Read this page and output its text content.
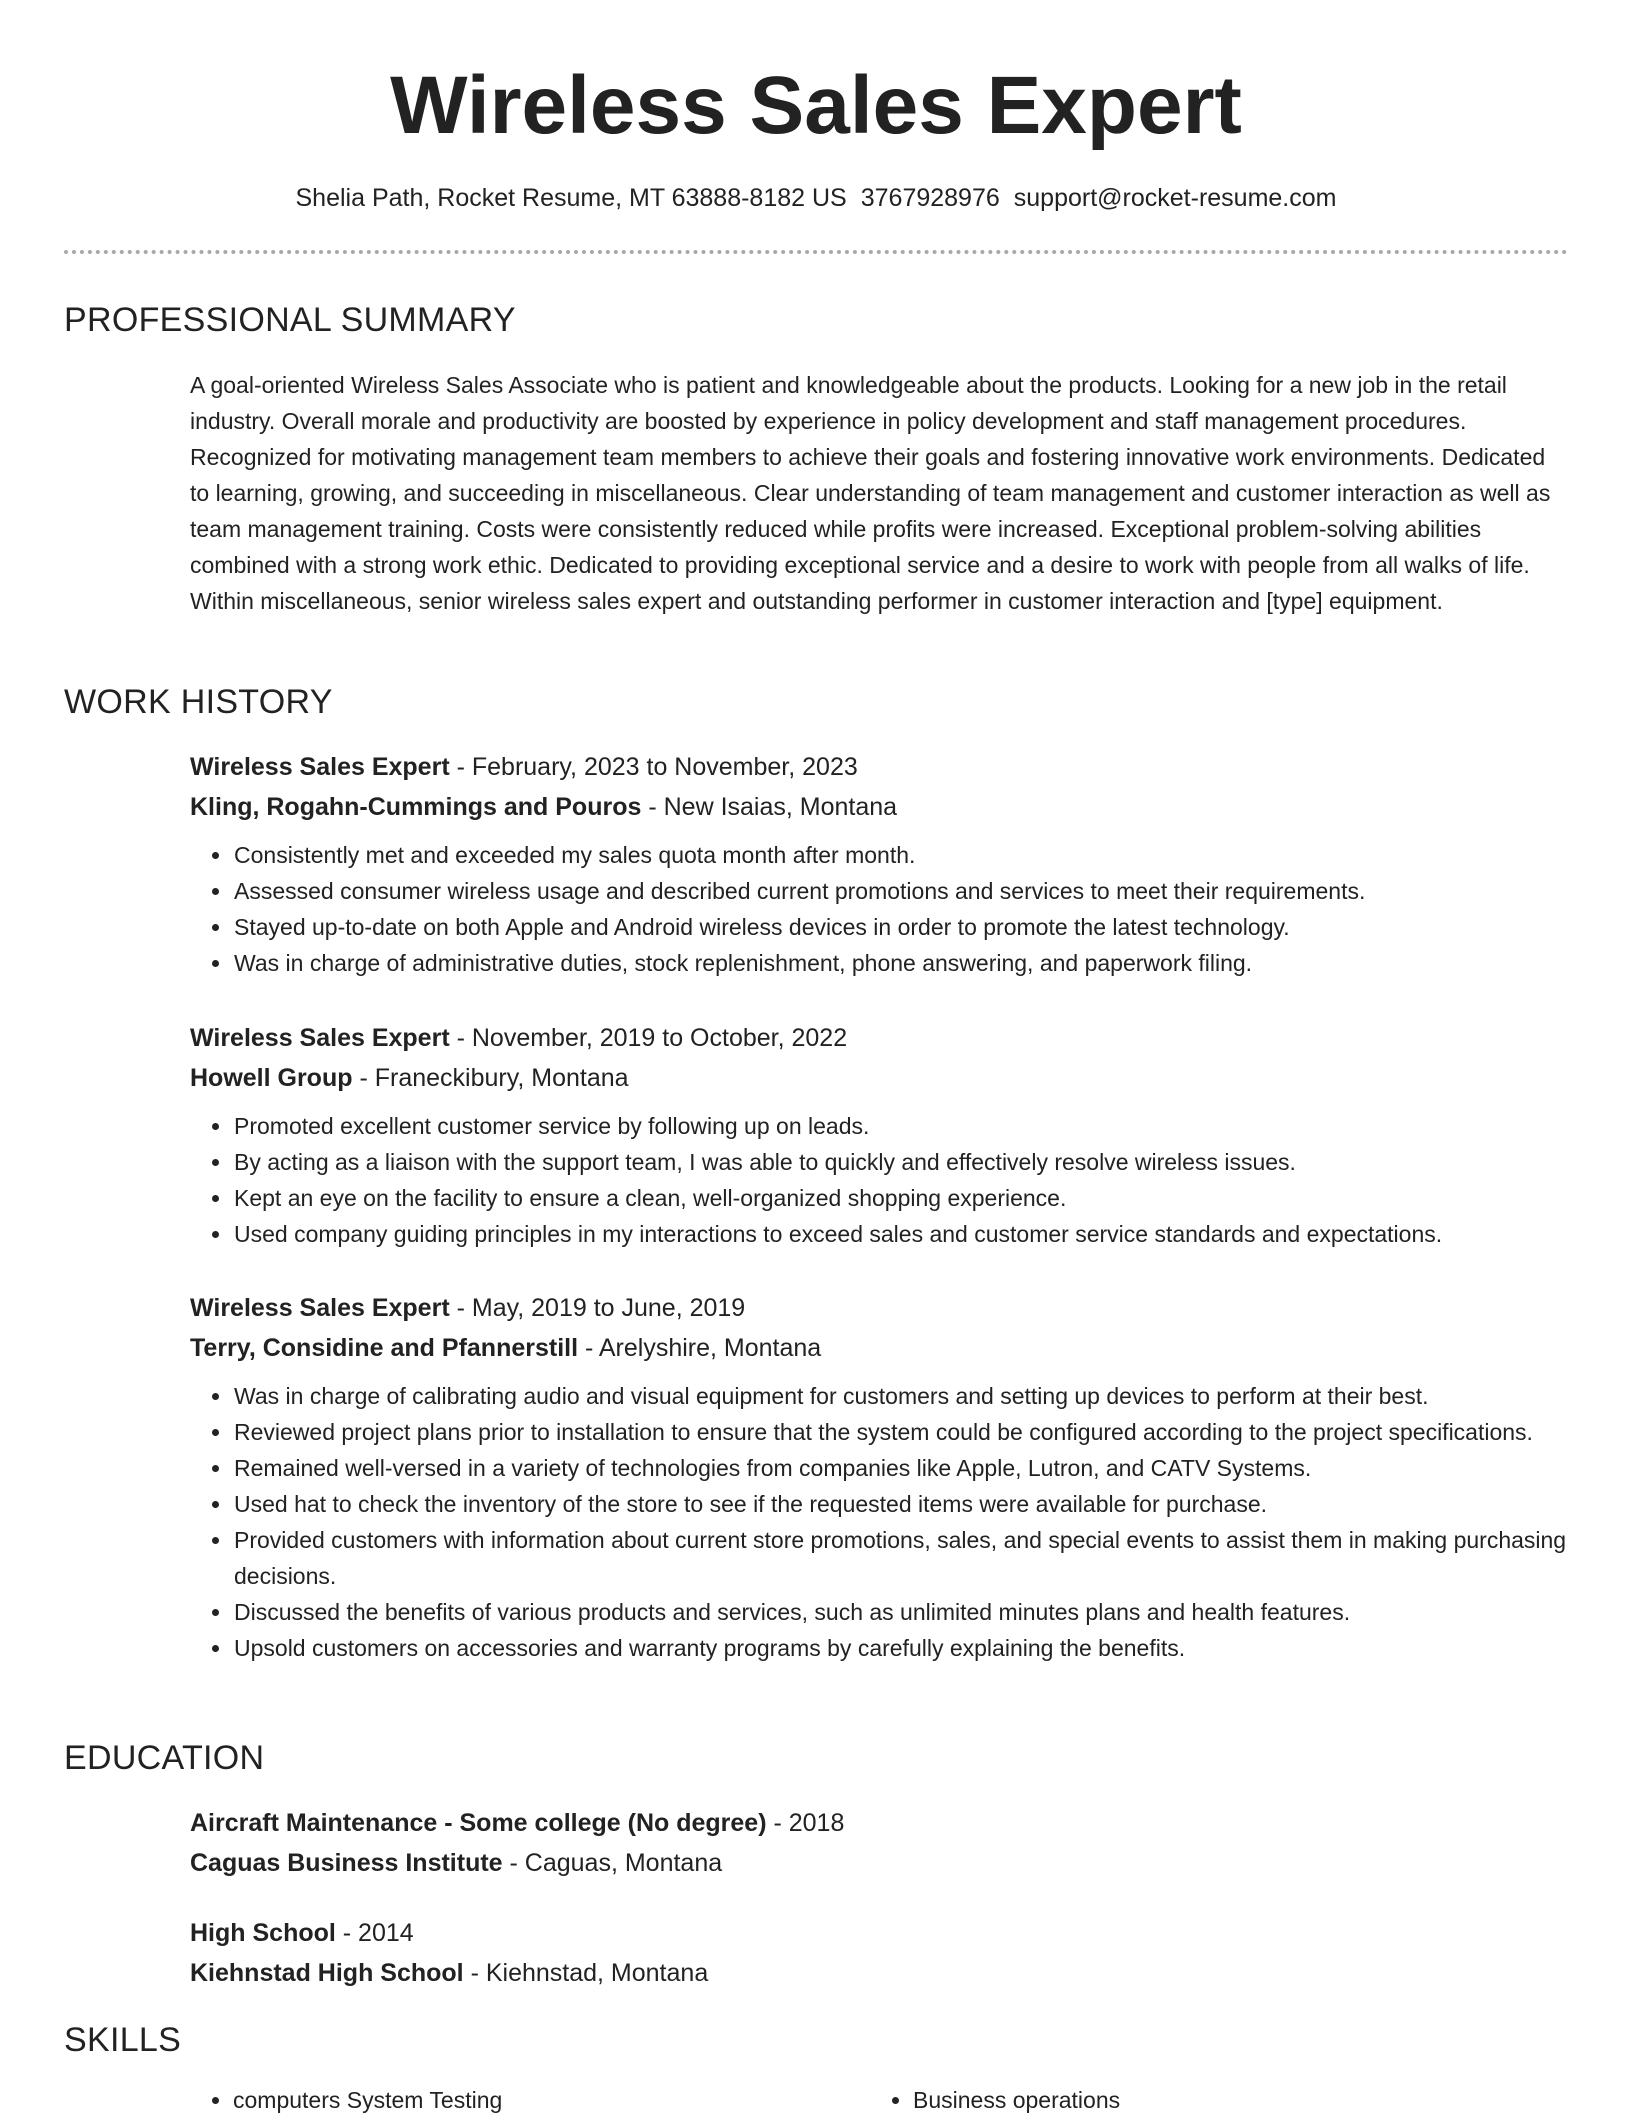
Wireless Sales Expert
Shelia Path, Rocket Resume, MT 63888-8182 US 3767928976 support@rocket-resume.com
PROFESSIONAL SUMMARY

A goal-oriented Wireless Sales Associate who is patient and knowledgeable about the products. Looking for a new job in the retail industry. Overall morale and productivity are boosted by experience in policy development and staff management procedures. Recognized for motivating management team members to achieve their goals and fostering innovative work environments. Dedicated to learning, growing, and succeeding in miscellaneous. Clear understanding of team management and customer interaction as well as team management training. Costs were consistently reduced while profits were increased. Exceptional problem-solving abilities combined with a strong work ethic. Dedicated to providing exceptional service and a desire to work with people from all walks of life. Within miscellaneous, senior wireless sales expert and outstanding performer in customer interaction and [type] equipment.

WORK HISTORY
Wireless Sales Expert - February, 2023 to November, 2023
Kling, Rogahn-Cummings and Pouros - New Isaias, Montana
• Consistently met and exceeded my sales quota month after month.
• Assessed consumer wireless usage and described current promotions and services to meet their requirements.
• Stayed up-to-date on both Apple and Android wireless devices in order to promote the latest technology.
• Was in charge of administrative duties, stock replenishment, phone answering, and paperwork filing.
Wireless Sales Expert - November, 2019 to October, 2022
Howell Group - Franeckibury, Montana
• Promoted excellent customer service by following up on leads.
• By acting as a liaison with the support team, I was able to quickly and effectively resolve wireless issues.
• Kept an eye on the facility to ensure a clean, well-organized shopping experience.
• Used company guiding principles in my interactions to exceed sales and customer service standards and expectations.
Wireless Sales Expert - May, 2019 to June, 2019
Terry, Considine and Pfannerstill - Arelyshire, Montana
• Was in charge of calibrating audio and visual equipment for customers and setting up devices to perform at their best.
• Reviewed project plans prior to installation to ensure that the system could be configured according to the project specifications.
• Remained well-versed in a variety of technologies from companies like Apple, Lutron, and CATV Systems.
• Used hat to check the inventory of the store to see if the requested items were available for purchase.
• Provided customers with information about current store promotions, sales, and special events to assist them in making purchasing decisions.
• Discussed the benefits of various products and services, such as unlimited minutes plans and health features.
• Upsold customers on accessories and warranty programs by carefully explaining the benefits.
EDUCATION
Aircraft Maintenance - Some college (No degree) - 2018
Caguas Business Institute - Caguas, Montana
High School - 2014
Kiehnstad High School - Kiehnstad, Montana
SKILLS
• computers System Testing
•	Business operations
